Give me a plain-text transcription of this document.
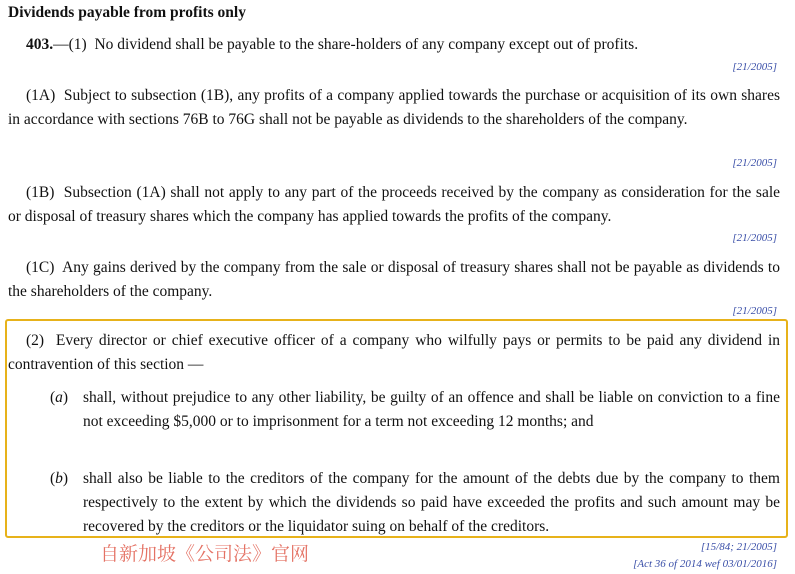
Dividends payable from profits only
403.—(1) No dividend shall be payable to the share-holders of any company except out of profits.
[21/2005]
(1A) Subject to subsection (1B), any profits of a company applied towards the purchase or acquisition of its own shares in accordance with sections 76B to 76G shall not be payable as dividends to the shareholders of the company.
[21/2005]
(1B) Subsection (1A) shall not apply to any part of the proceeds received by the company as consideration for the sale or disposal of treasury shares which the company has applied towards the profits of the company.
[21/2005]
(1C) Any gains derived by the company from the sale or disposal of treasury shares shall not be payable as dividends to the shareholders of the company.
[21/2005]
(2) Every director or chief executive officer of a company who wilfully pays or permits to be paid any dividend in contravention of this section —
(a) shall, without prejudice to any other liability, be guilty of an offence and shall be liable on conviction to a fine not exceeding $5,000 or to imprisonment for a term not exceeding 12 months; and
(b) shall also be liable to the creditors of the company for the amount of the debts due by the company to them respectively to the extent by which the dividends so paid have exceeded the profits and such amount may be recovered by the creditors or the liquidator suing on behalf of the creditors.
[15/84; 21/2005]
[Act 36 of 2014 wef 03/01/2016]
自新加坡《公司法》官网
